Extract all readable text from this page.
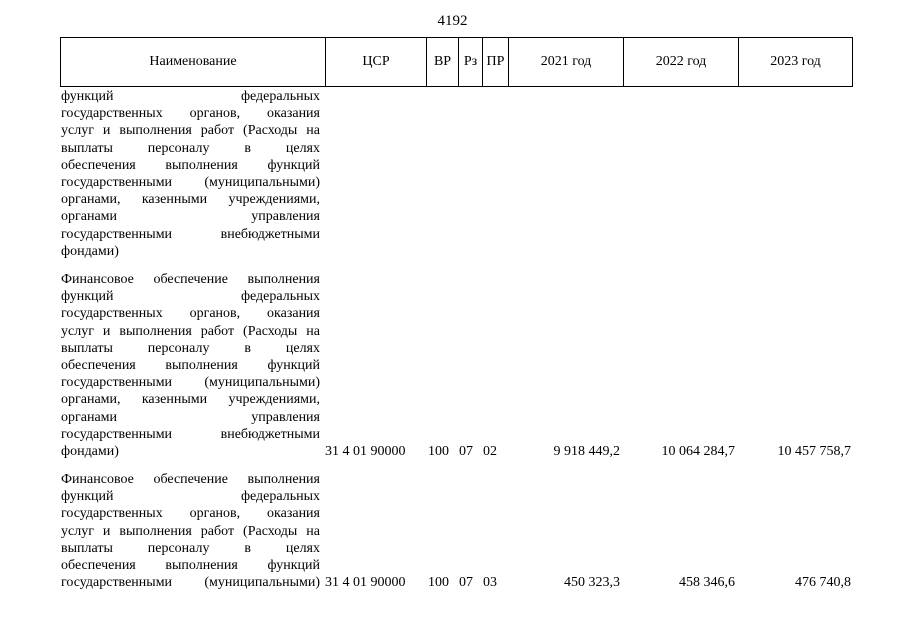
4192
Наименование	ЦСР	ВР Рз ПР	2021 год	2022 год	2023 год
функций федеральных
государственных органов, оказания
услуг и выполнения работ (Расходы на
выплаты персоналу в целях
обеспечения выполнения функций
государственными (муниципальными)
органами, казенными учреждениями,
органами управления
государственными внебюджетными
фондами)
Финансовое обеспечение выполнения
функций федеральных
государственных органов, оказания
услуг и выполнения работ (Расходы на
выплаты персоналу в целях
обеспечения выполнения функций
государственными (муниципальными)
органами, казенными учреждениями,
органами управления
государственными внебюджетными
фондами)	31 4 01 90000 100 07 02	9 918 449,2	10 064 284,7	10 457 758,7
Финансовое обеспечение выполнения
функций федеральных
государственных органов, оказания
услуг и выполнения работ (Расходы на
выплаты персоналу в целях
обеспечения выполнения функций
государственными (муниципальными) 31 4 01 90000 100 07 03	450 323,3	458 346,6	476 740,8
